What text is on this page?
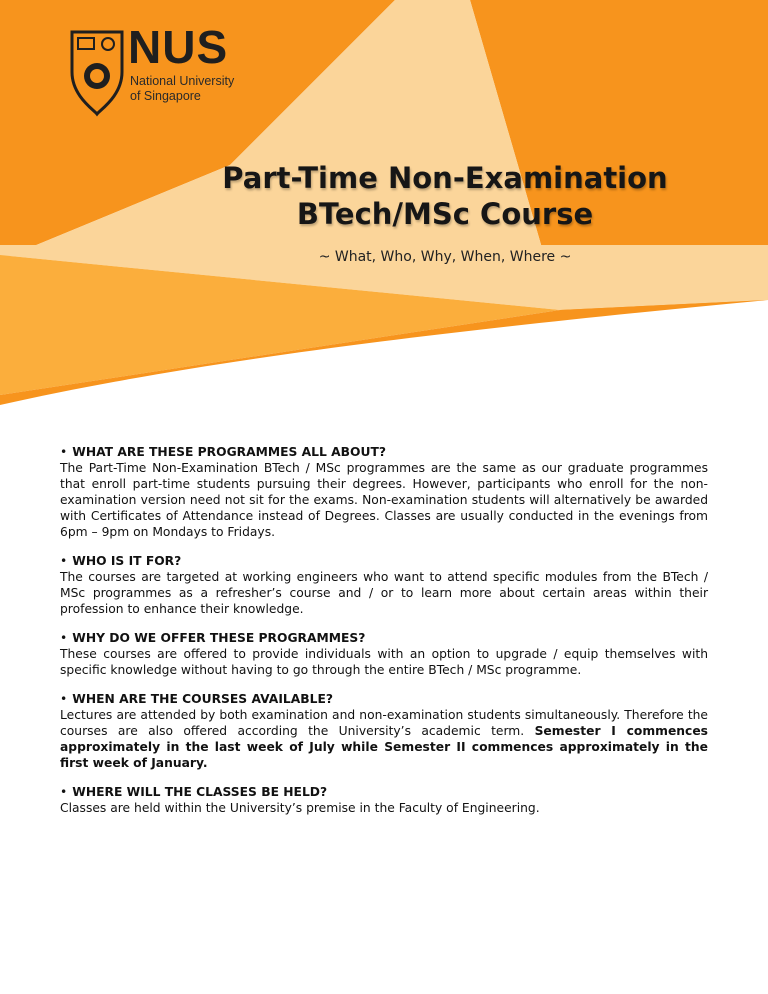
NUS
National University
of Singapore
Part-Time Non-Examination
BTech/MSc Course
~ What, Who, Why, When, Where ~
• WHAT ARE THESE PROGRAMMES ALL ABOUT?

The Part-Time Non-Examination BTech / MSc programmes are the same as our graduate programmes that enroll part-time students pursuing their degrees. However, participants who enroll for the non-examination version need not sit for the exams. Non-examination students will alternatively be awarded with Certificates of Attendance instead of Degrees. Classes are usually conducted in the evenings from 6pm – 9pm on Mondays to Fridays.

• WHO IS IT FOR?

The courses are targeted at working engineers who want to attend specific modules from the BTech / MSc programmes as a refresher’s course and / or to learn more about certain areas within their profession to enhance their knowledge.

• WHY DO WE OFFER THESE PROGRAMMES?

These courses are offered to provide individuals with an option to upgrade / equip themselves with specific knowledge without having to go through the entire BTech / MSc programme.

• WHEN ARE THE COURSES AVAILABLE?

Lectures are attended by both examination and non-examination students simultaneously. Therefore the courses are also offered according the University’s academic term. Semester I commences approximately in the last week of July while Semester II commences approximately in the first week of January.

• WHERE WILL THE CLASSES BE HELD?

Classes are held within the University’s premise in the Faculty of Engineering.
